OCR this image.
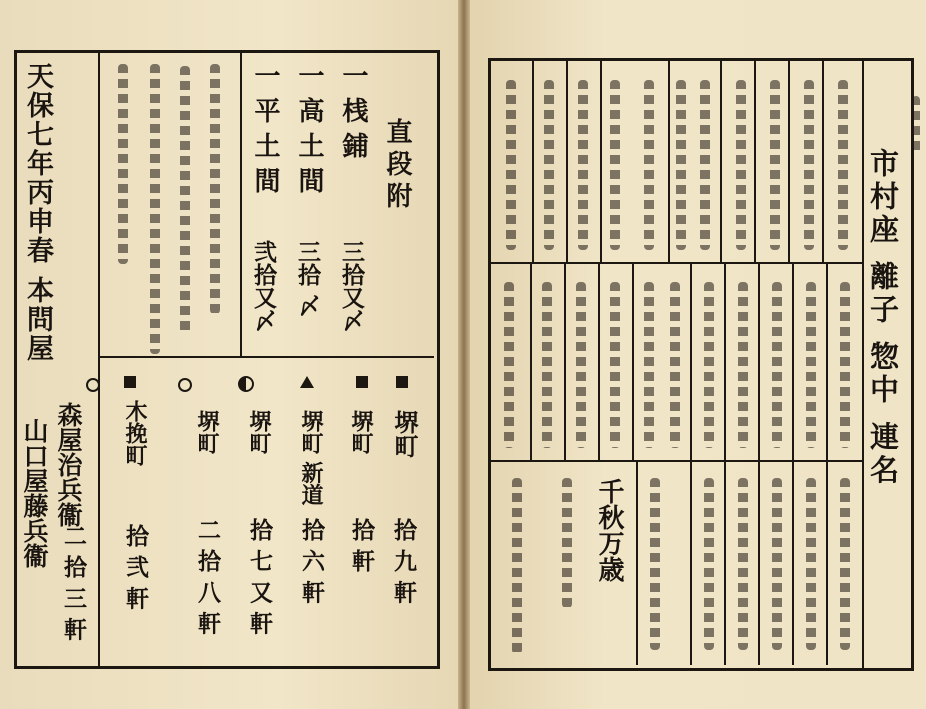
天保七年丙申春 本問屋
森屋治兵衞
山口屋藤兵衞
直段附
一 桟 鋪
三拾又〆
一 高 土 間
三拾 〆
一 平 土 間
弐拾又〆
堺町
拾 九 軒
堺町
拾 軒
堺町 新道
拾 六 軒
堺町
拾 七 又 軒
堺町
二 拾 八 軒
木挽町
拾 弐 軒
二 拾 三 軒
市村座 離子 惣中 連名
千秋万歳
